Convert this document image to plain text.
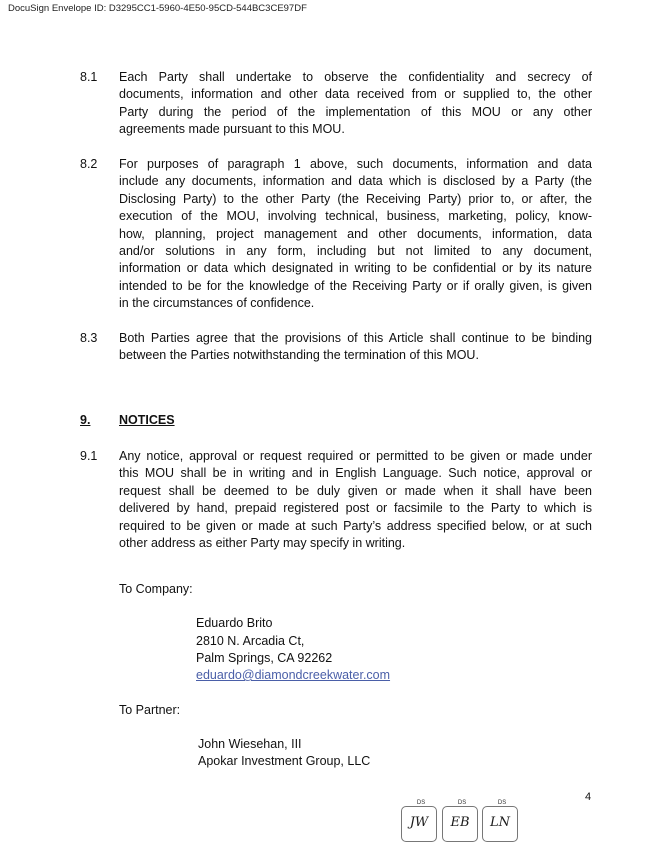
DocuSign Envelope ID: D3295CC1-5960-4E50-95CD-544BC3CE97DF
8.1 Each Party shall undertake to observe the confidentiality and secrecy of
documents, information and other data received from or supplied to, the other
Party during the period of the implementation of this MOU or any other
agreements made pursuant to this MOU.
8.2 For purposes of paragraph 1 above, such documents, information and data
include any documents, information and data which is disclosed by a Party (the
Disclosing Party) to the other Party (the Receiving Party) prior to, or after, the
execution of the MOU, involving technical, business, marketing, policy, know-
how, planning, project management and other documents, information, data
and/or solutions in any form, including but not limited to any document,
information or data which designated in writing to be confidential or by its nature
intended to be for the knowledge of the Receiving Party or if orally given, is given
in the circumstances of confidence.
8.3 Both Parties agree that the provisions of this Article shall continue to be binding
between the Parties notwithstanding the termination of this MOU.
9. NOTICES
9.1 Any notice, approval or request required or permitted to be given or made under
this MOU shall be in writing and in English Language. Such notice, approval or
request shall be deemed to be duly given or made when it shall have been
delivered by hand, prepaid registered post or facsimile to the Party to which is
required to be given or made at such Party’s address specified below, or at such
other address as either Party may specify in writing.
To Company:
Eduardo Brito
2810 N. Arcadia Ct,
Palm Springs, CA 92262
eduardo@diamondcreekwater.com
To Partner:
John Wiesehan, III
Apokar Investment Group, LLC
4
DS
JW
DS
EB
DS
LN
